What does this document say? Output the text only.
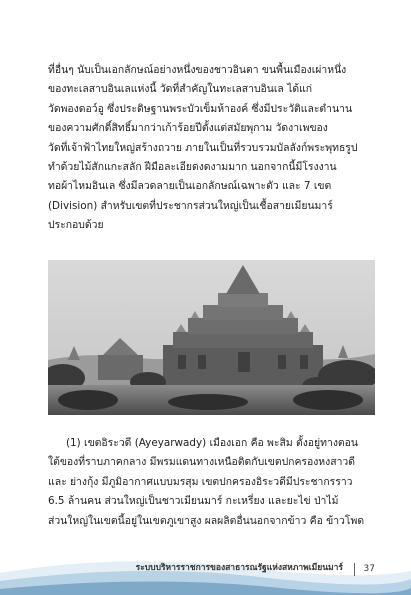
ที่อื่นๆ นับเป็นเอกลักษณ์อย่างหนึ่งของชาวอินตา ขนพื้นเมืองเผ่าหนึ่ง
ของทะเลสาบอินเลแห่งนี้ วัดที่สำคัญในทะเลสาบอินเล ได้แก่
วัดพองดอว์อู ซึ่งประดิษฐานพระบัวเข็มห้าองค์ ซึ่งมีประวัติและตำนาน
ของความศักดิ์สิทธิ์มากว่าเก้าร้อยปีตั้งแต่สมัยพุกาม วัดงาเพของ
วัดที่เจ้าฟ้าไทยใหญ่สร้างถวาย ภายในเป็นที่รวบรวมบัลลังก์พระพุทธรูป
ทำด้วยไม้สักแกะสลัก ฝีมือละเอียดงดงามมาก นอกจากนี้มีโรงงาน
ทอผ้าไหมอินเล ซึ่งมีลวดลายเป็นเอกลักษณ์เฉพาะตัว และ 7 เขต
(Division) สำหรับเขตที่ประชากรส่วนใหญ่เป็นเชื้อสายเมียนมาร์
ประกอบด้วย

(1) เขตอิระวดี (Ayeyarwady) เมืองเอก คือ พะสิม ตั้งอยู่ทางตอน
ใต้ของที่ราบภาคกลาง มีพรมแดนทางเหนือติดกับเขตปกครองหงสาวดี
และ ย่างกุ้ง มีภูมิอากาศแบบมรสุม เขตปกครองอิระวดีมีประชากรราว
6.5 ล้านคน ส่วนใหญ่เป็นชาวเมียนมาร์ กะเหรี่ยง และยะไข่ ป่าไม้
ส่วนใหญ่ในเขตนี้อยู่ในเขตภูเขาสูง ผลผลิตอื่นนอกจากข้าว คือ ข้าวโพด

ระบบบริหารราชการของสาธารณรัฐแห่งสหภาพเมียนมาร์ 37
